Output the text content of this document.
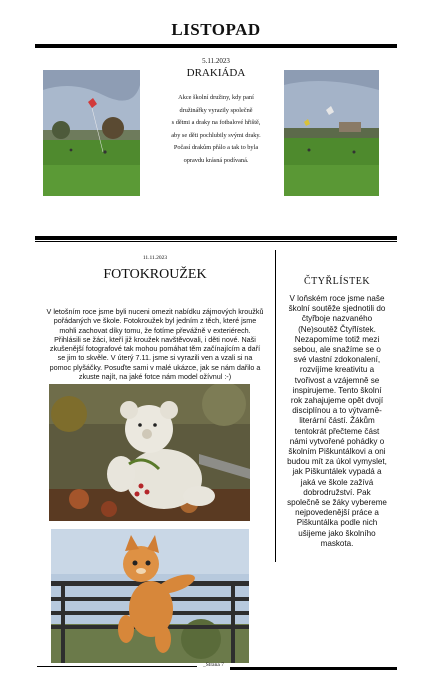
LISTOPAD
5.11.2023
DRAKIÁDA
Akce školní družiny, kdy paní
družinářky vyrazily společně
s dětmi a draky na fotbalové hřiště,
aby se děti pochlubily svými draky.
Počasí drakům přálo a tak to byla
opravdu krásná podívaná.
11.11.2023
FOTOKROUŽEK
V letošním roce jsme byli nuceni omezit nabídku zájmových kroužků
pořádaných ve škole. Fotokroužek byl jedním z těch, které jsme
mohli zachovat díky tomu, že fotíme převážně v exteriérech.
Přihlásili se žáci, kteří již kroužek navštěvovali, i děti nové. Naši
zkušenější fotografové tak mohou pomáhat těm začínajícím a daří
se jim to skvěle. V úterý 7.11. jsme si vyrazili ven a vzali si na
pomoc plyšáčky. Posuďte sami v malé ukázce, jak se nám dařilo a
zkuste najít, na jaké fotce nám model ožívnul :-)
ČTYŘLÍSTEK
V loňském roce jsme naše
školní soutěže sjednotili do
čtyřboje nazvaného
(Ne)soutěž Čtyřlístek.
Nezapomíme totiž mezi
sebou, ale snažíme se o
své vlastní zdokonalení,
rozvíjíme kreativitu a
tvořivost a vzájemně se
inspirujeme. Tento školní
rok zahajujeme opět dvojí
disciplínou a to výtvarně-
literární částí. Žákům
tentokrát přečteme část
námi vytvořené pohádky o
školním Piškuntálkovi a oni
budou mít za úkol vymyslet,
jak Piškuntálek vypadá a
jaká ve škole zažívá
dobrodružství. Pak
společně se žáky vybereme
nejpovedenější práce a
Piškuntálka podle nich
ušijeme jako školního
maskota.
_Strana 7
